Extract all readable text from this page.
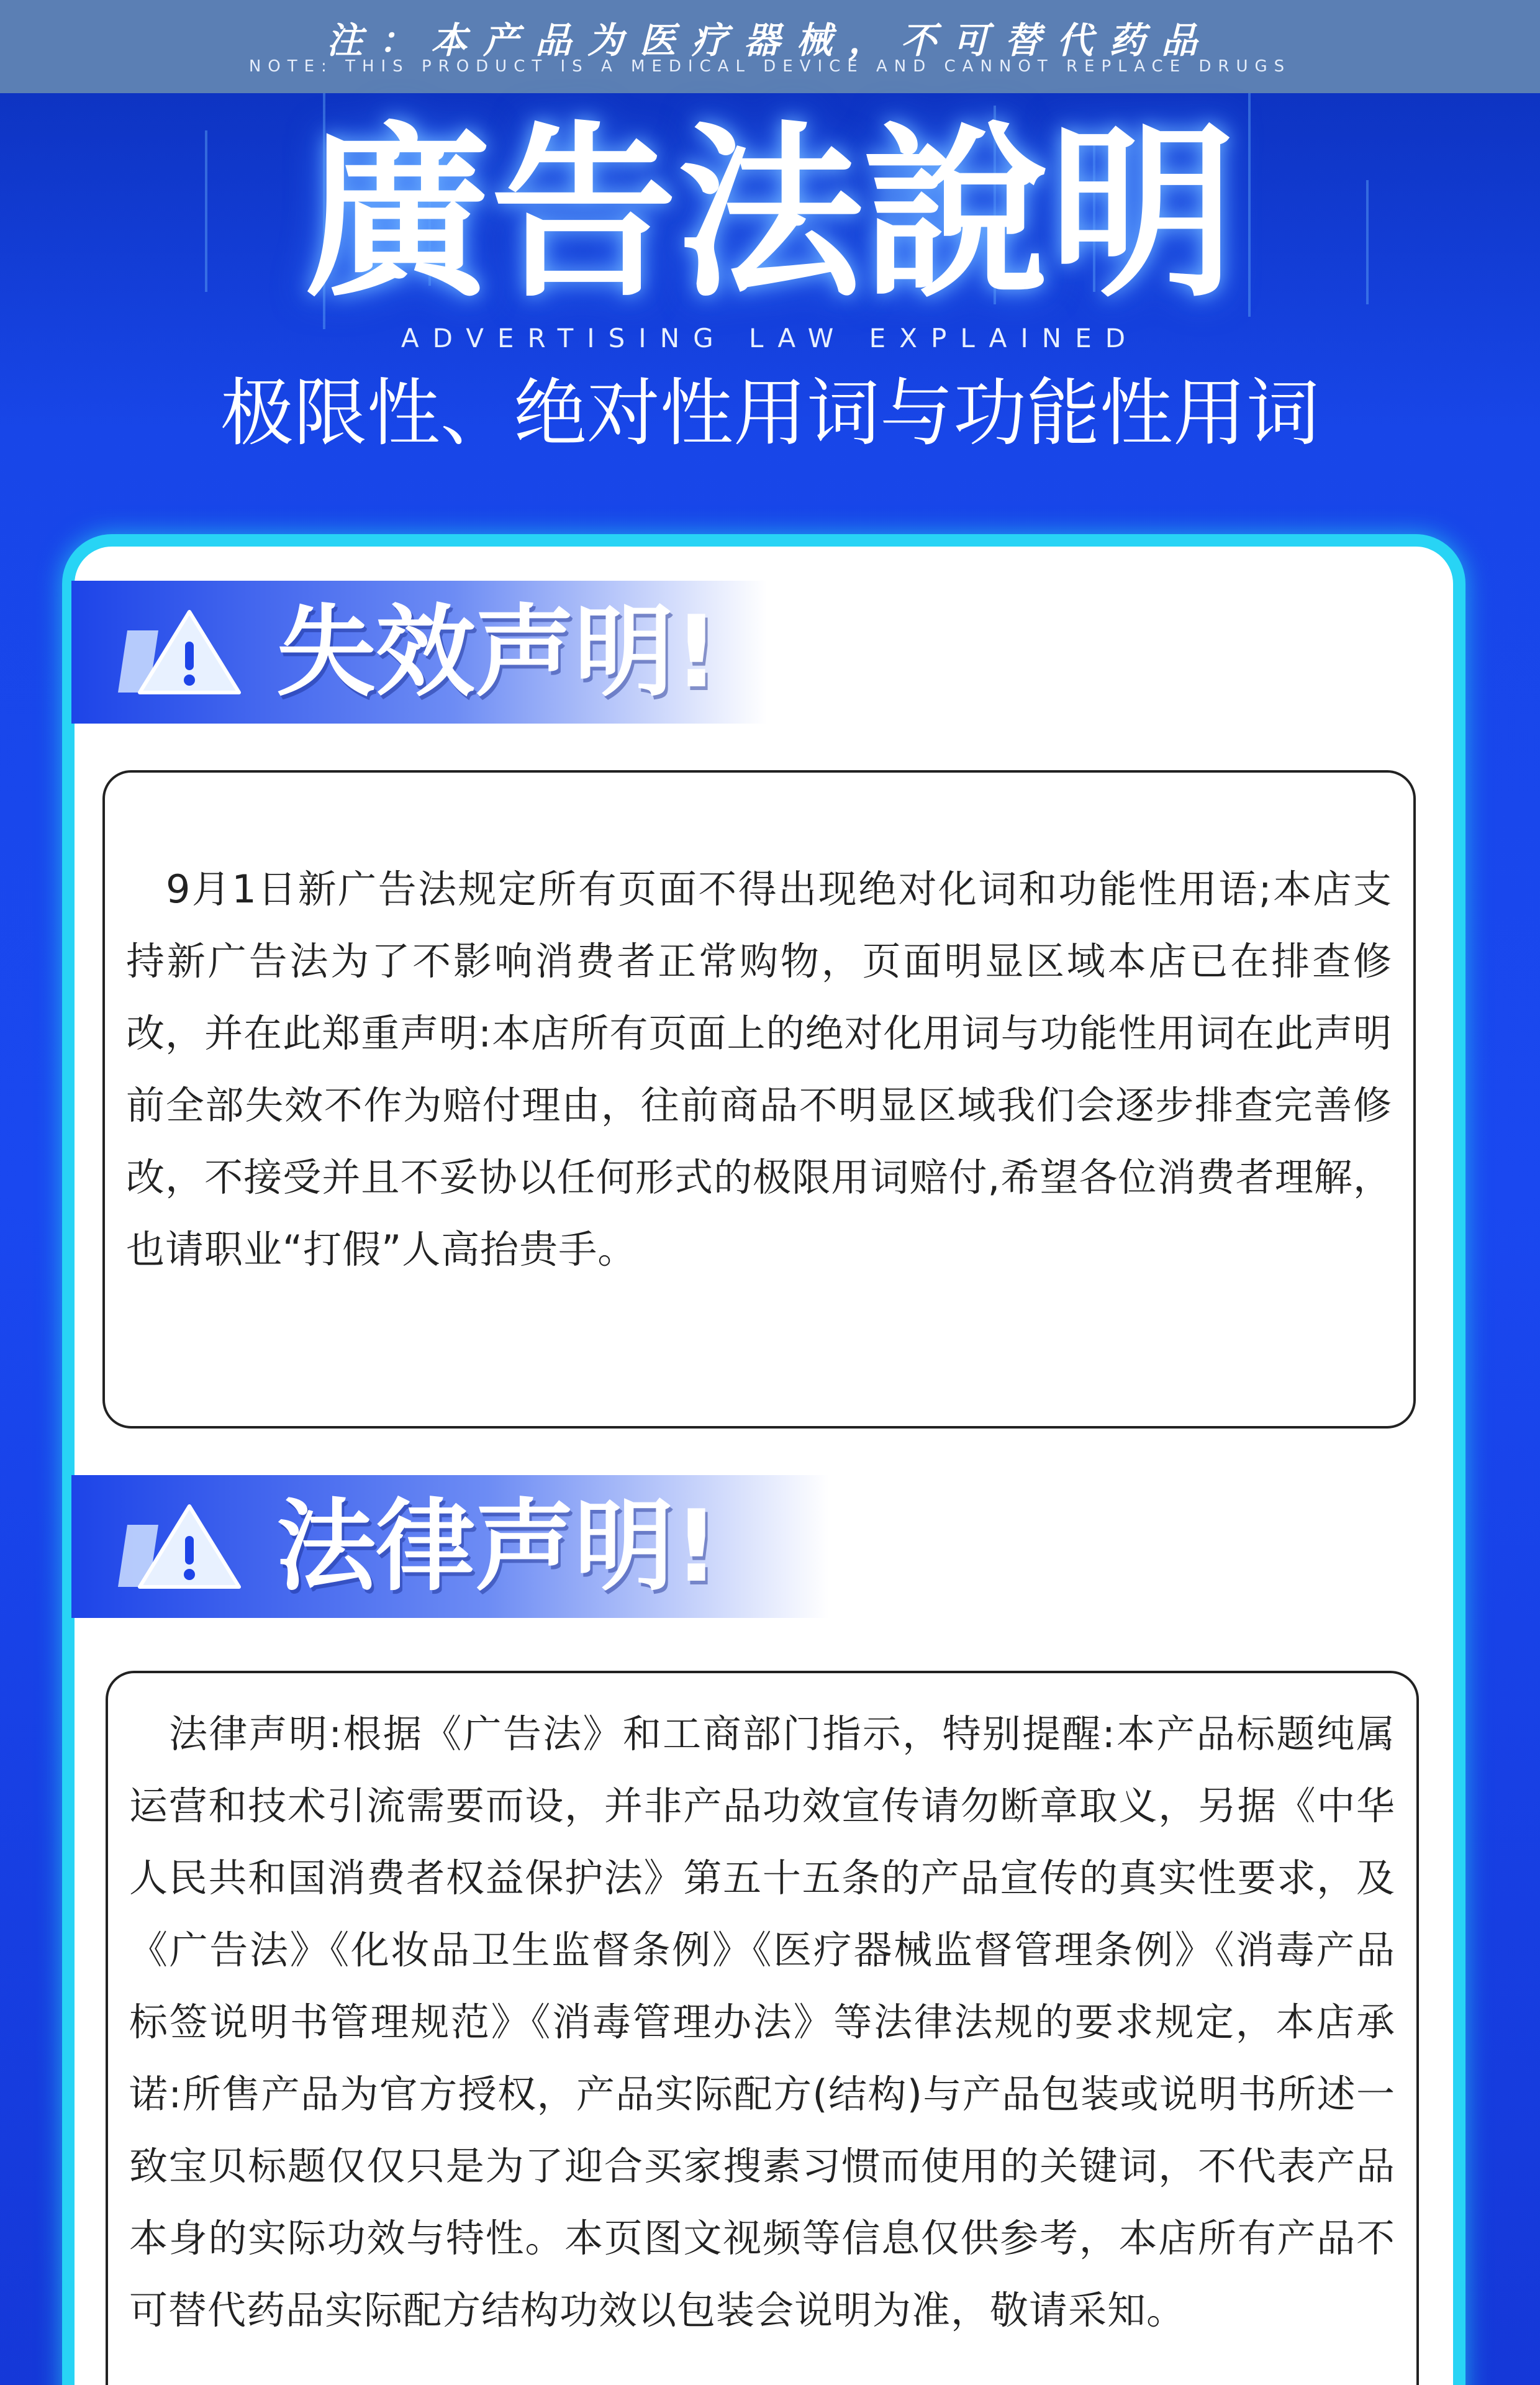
注：本产品为医疗器械，不可替代药品
NOTE: THIS PRODUCT IS A MEDICAL DEVICE AND CANNOT REPLACE DRUGS
廣告法說明
ADVERTISING LAW EXPLAINED
极限性、绝对性用词与功能性用词
失效声明!

9月1日新广告法规定所有页面不得出现绝对化词和功能性用语;本店支持新广告法为了不影响消费者正常购物，页面明显区域本店已在排查修改，并在此郑重声明:本店所有页面上的绝对化用词与功能性用词在此声明前全部失效不作为赔付理由，往前商品不明显区域我们会逐步排查完善修改，不接受并且不妥协以任何形式的极限用词赔付,希望各位消费者理解，也请职业“打假”人高抬贵手。

法律声明!

法律声明:根据《广告法》和工商部门指示，特别提醒:本产品标题纯属运营和技术引流需要而设，并非产品功效宣传请勿断章取义，另据《中华人民共和国消费者权益保护法》第五十五条的产品宣传的真实性要求，及《广告法》《化妆品卫生监督条例》《医疗器械监督管理条例》《消毒产品标签说明书管理规范》《消毒管理办法》等法律法规的要求规定，本店承诺:所售产品为官方授权，产品实际配方(结构)与产品包装或说明书所述一致宝贝标题仅仅只是为了迎合买家搜素习惯而使用的关键词，不代表产品本身的实际功效与特性。本页图文视频等信息仅供参考，本店所有产品不可替代药品实际配方结构功效以包装会说明为准，敬请采知。
